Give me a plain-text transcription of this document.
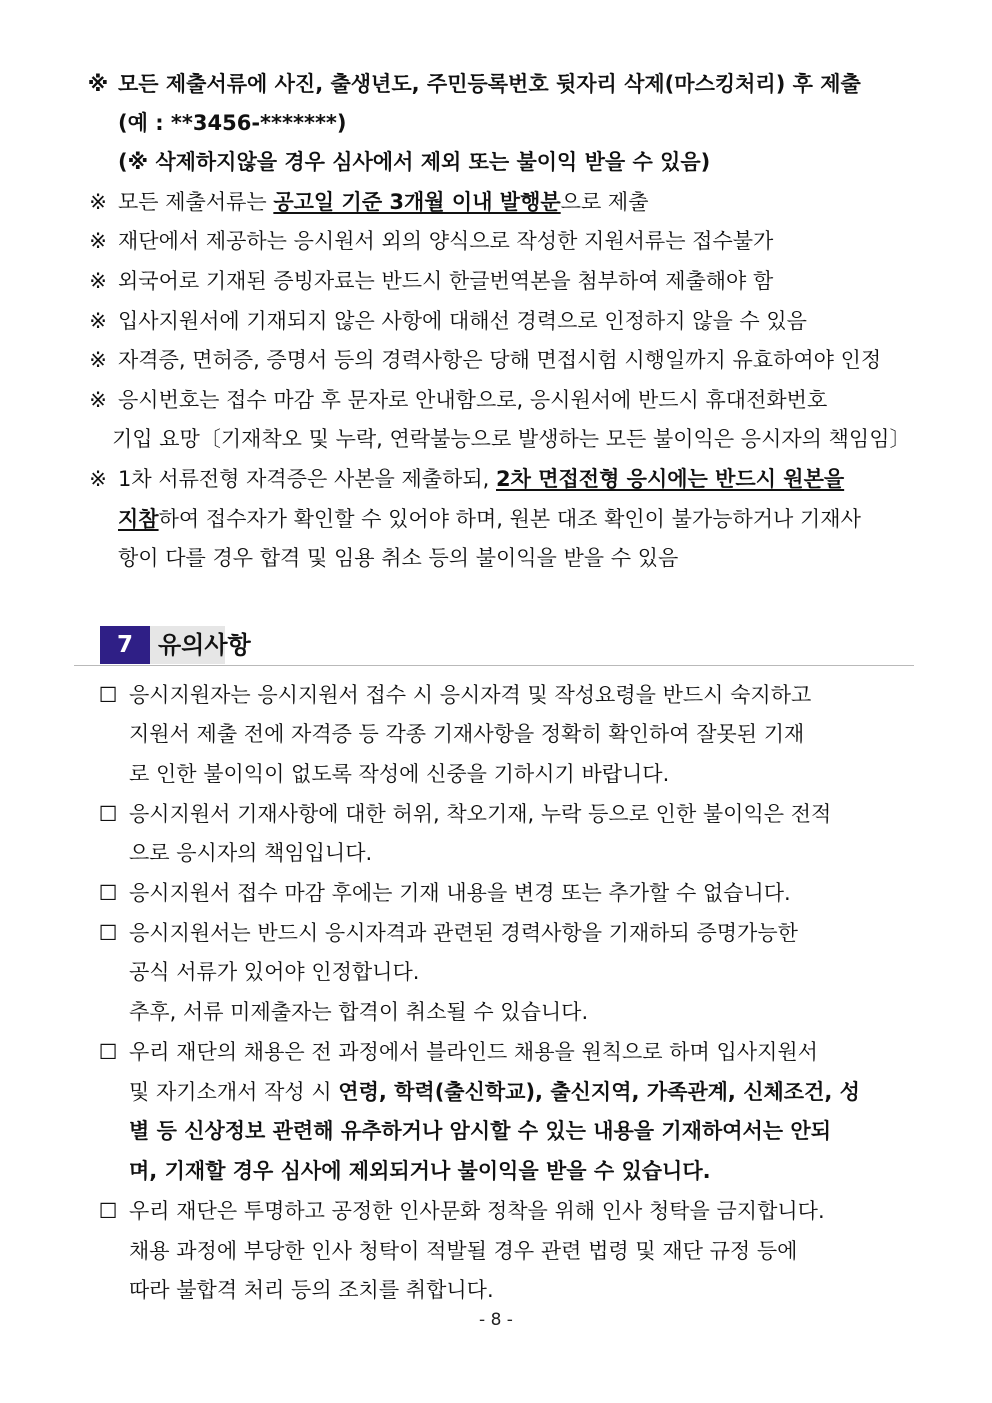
※ 모든 제출서류에 사진, 출생년도, 주민등록번호 뒷자리 삭제(마스킹처리) 후 제출
(예 : **3456-*******)
(※ 삭제하지않을 경우 심사에서 제외 또는 불이익 받을 수 있음)
※ 모든 제출서류는 공고일 기준 3개월 이내 발행분으로 제출
※ 재단에서 제공하는 응시원서 외의 양식으로 작성한 지원서류는 접수불가
※ 외국어로 기재된 증빙자료는 반드시 한글번역본을 첨부하여 제출해야 함
※ 입사지원서에 기재되지 않은 사항에 대해선 경력으로 인정하지 않을 수 있음
※ 자격증, 면허증, 증명서 등의 경력사항은 당해 면접시험 시행일까지 유효하여야 인정
※ 응시번호는 접수 마감 후 문자로 안내함으로, 응시원서에 반드시 휴대전화번호
기입 요망〔기재착오 및 누락, 연락불능으로 발생하는 모든 불이익은 응시자의 책임임〕
※ 1차 서류전형 자격증은 사본을 제출하되, 2차 면접전형 응시에는 반드시 원본을
지참하여 접수자가 확인할 수 있어야 하며, 원본 대조 확인이 불가능하거나 기재사
항이 다를 경우 합격 및 임용 취소 등의 불이익을 받을 수 있음
7	유의사항
☐ 응시지원자는 응시지원서 접수 시 응시자격 및 작성요령을 반드시 숙지하고
지원서 제출 전에 자격증 등 각종 기재사항을 정확히 확인하여 잘못된 기재
로 인한 불이익이 없도록 작성에 신중을 기하시기 바랍니다.
☐ 응시지원서 기재사항에 대한 허위, 착오기재, 누락 등으로 인한 불이익은 전적
으로 응시자의 책임입니다.
☐ 응시지원서 접수 마감 후에는 기재 내용을 변경 또는 추가할 수 없습니다.
☐ 응시지원서는 반드시 응시자격과 관련된 경력사항을 기재하되 증명가능한
공식 서류가 있어야 인정합니다.
추후, 서류 미제출자는 합격이 취소될 수 있습니다.
☐ 우리 재단의 채용은 전 과정에서 블라인드 채용을 원칙으로 하며 입사지원서
및 자기소개서 작성 시 연령, 학력(출신학교), 출신지역, 가족관계, 신체조건, 성
별 등 신상정보 관련해 유추하거나 암시할 수 있는 내용을 기재하여서는 안되
며, 기재할 경우 심사에 제외되거나 불이익을 받을 수 있습니다.
☐ 우리 재단은 투명하고 공정한 인사문화 정착을 위해 인사 청탁을 금지합니다.
채용 과정에 부당한 인사 청탁이 적발될 경우 관련 법령 및 재단 규정 등에
따라 불합격 처리 등의 조치를 취합니다.
- 8 -
